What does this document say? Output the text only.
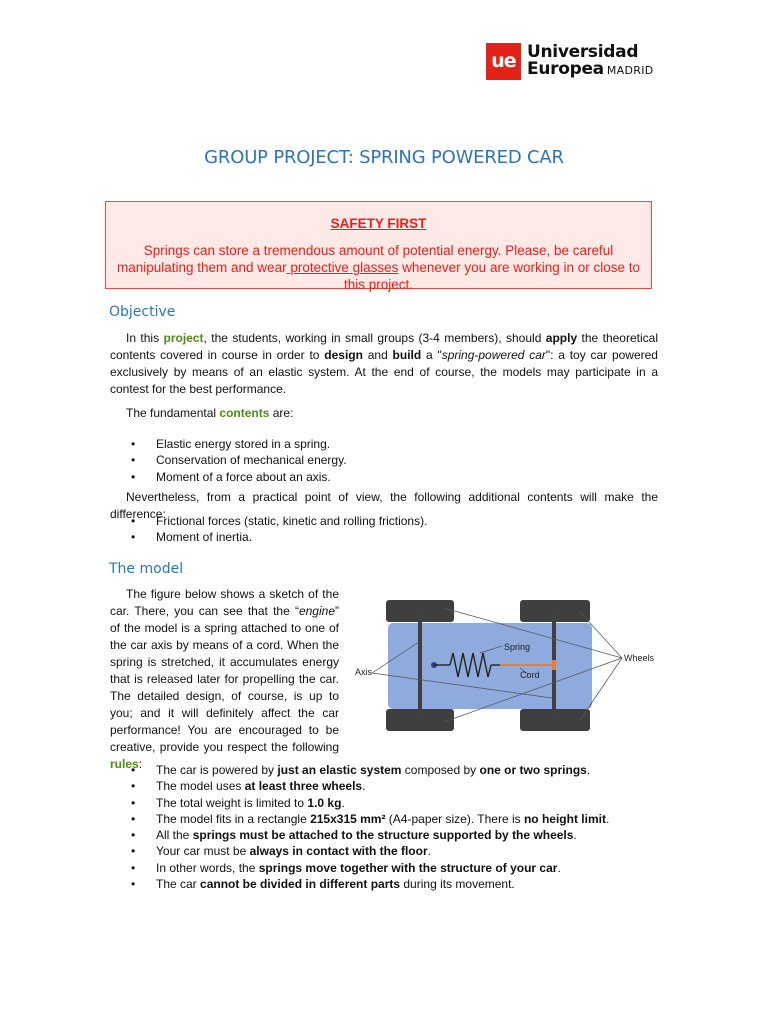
ue Universidad
Europea MADRID
GROUP PROJECT: SPRING POWERED CAR
SAFETY FIRST
Springs can store a tremendous amount of potential energy. Please, be careful manipulating them and wear protective glasses whenever you are working in or close to this project.
Objective
In this project, the students, working in small groups (3-4 members), should apply the theoretical contents covered in course in order to design and build a "spring-powered car": a toy car powered exclusively by means of an elastic system. At the end of course, the models may participate in a contest for the best performance.
The fundamental contents are:
• Elastic energy stored in a spring.
• Conservation of mechanical energy.
• Moment of a force about an axis.
Nevertheless, from a practical point of view, the following additional contents will make the difference:
• Frictional forces (static, kinetic and rolling frictions).
• Moment of inertia.
The model
The figure below shows a sketch of the car. There, you can see that the “engine” of the model is a spring attached to one of the car axis by means of a cord. When the spring is stretched, it accumulates energy that is released later for propelling the car. The detailed design, of course, is up to you; and it will definitely affect the car performance! You are encouraged to be creative, provide you respect the following rules:
Spring
Wheels
Axis	Cord
• The car is powered by just an elastic system composed by one or two springs.
• The model uses at least three wheels.
• The total weight is limited to 1.0 kg.
• The model fits in a rectangle 215x315 mm² (A4-paper size). There is no height limit.
• All the springs must be attached to the structure supported by the wheels.
• Your car must be always in contact with the floor.
• In other words, the springs move together with the structure of your car.
• The car cannot be divided in different parts during its movement.
